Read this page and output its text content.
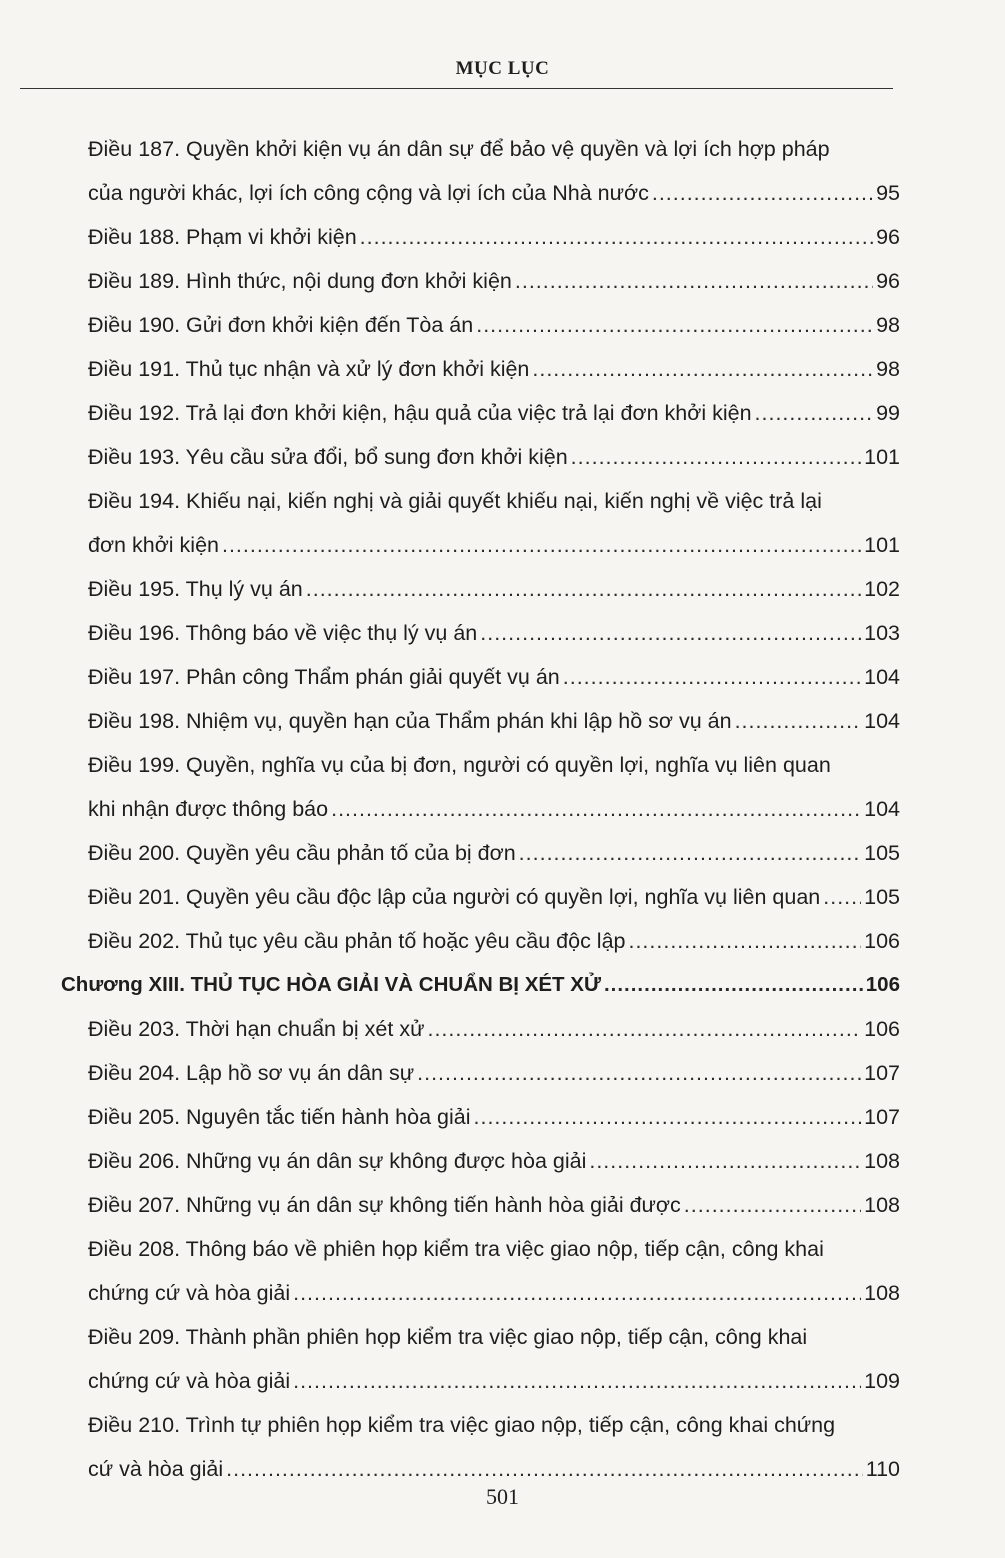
MỤC LỤC
Điều 187. Quyền khởi kiện vụ án dân sự để bảo vệ quyền và lợi ích hợp pháp
của người khác, lợi ích công cộng và lợi ích của Nhà nước .....	95
Điều 188. Phạm vi khởi kiện .....	96
Điều 189. Hình thức, nội dung đơn khởi kiện .....	96
Điều 190. Gửi đơn khởi kiện đến Tòa án .....	98
Điều 191. Thủ tục nhận và xử lý đơn khởi kiện .....	98
Điều 192. Trả lại đơn khởi kiện, hậu quả của việc trả lại đơn khởi kiện .....	99
Điều 193. Yêu cầu sửa đổi, bổ sung đơn khởi kiện .....	101
Điều 194. Khiếu nại, kiến nghị và giải quyết khiếu nại, kiến nghị về việc trả lại
đơn khởi kiện .....	101
Điều 195. Thụ lý vụ án .....	102
Điều 196. Thông báo về việc thụ lý vụ án .....	103
Điều 197. Phân công Thẩm phán giải quyết vụ án .....	104
Điều 198. Nhiệm vụ, quyền hạn của Thẩm phán khi lập hồ sơ vụ án .....	104
Điều 199. Quyền, nghĩa vụ của bị đơn, người có quyền lợi, nghĩa vụ liên quan
khi nhận được thông báo .....	104
Điều 200. Quyền yêu cầu phản tố của bị đơn .....	105
Điều 201. Quyền yêu cầu độc lập của người có quyền lợi, nghĩa vụ liên quan ..... 105
Điều 202. Thủ tục yêu cầu phản tố hoặc yêu cầu độc lập .....	106
Chương XIII. THỦ TỤC HÒA GIẢI VÀ CHUẨN BỊ XÉT XỬ .....	106
Điều 203. Thời hạn chuẩn bị xét xử .....	106
Điều 204. Lập hồ sơ vụ án dân sự .....	107
Điều 205. Nguyên tắc tiến hành hòa giải .....	107
Điều 206. Những vụ án dân sự không được hòa giải .....	108
Điều 207. Những vụ án dân sự không tiến hành hòa giải được .....	108
Điều 208. Thông báo về phiên họp kiểm tra việc giao nộp, tiếp cận, công khai
chứng cứ và hòa giải .....	108
Điều 209. Thành phần phiên họp kiểm tra việc giao nộp, tiếp cận, công khai
chứng cứ và hòa giải .....	109
Điều 210. Trình tự phiên họp kiểm tra việc giao nộp, tiếp cận, công khai chứng
cứ và hòa giải .....	110
501
